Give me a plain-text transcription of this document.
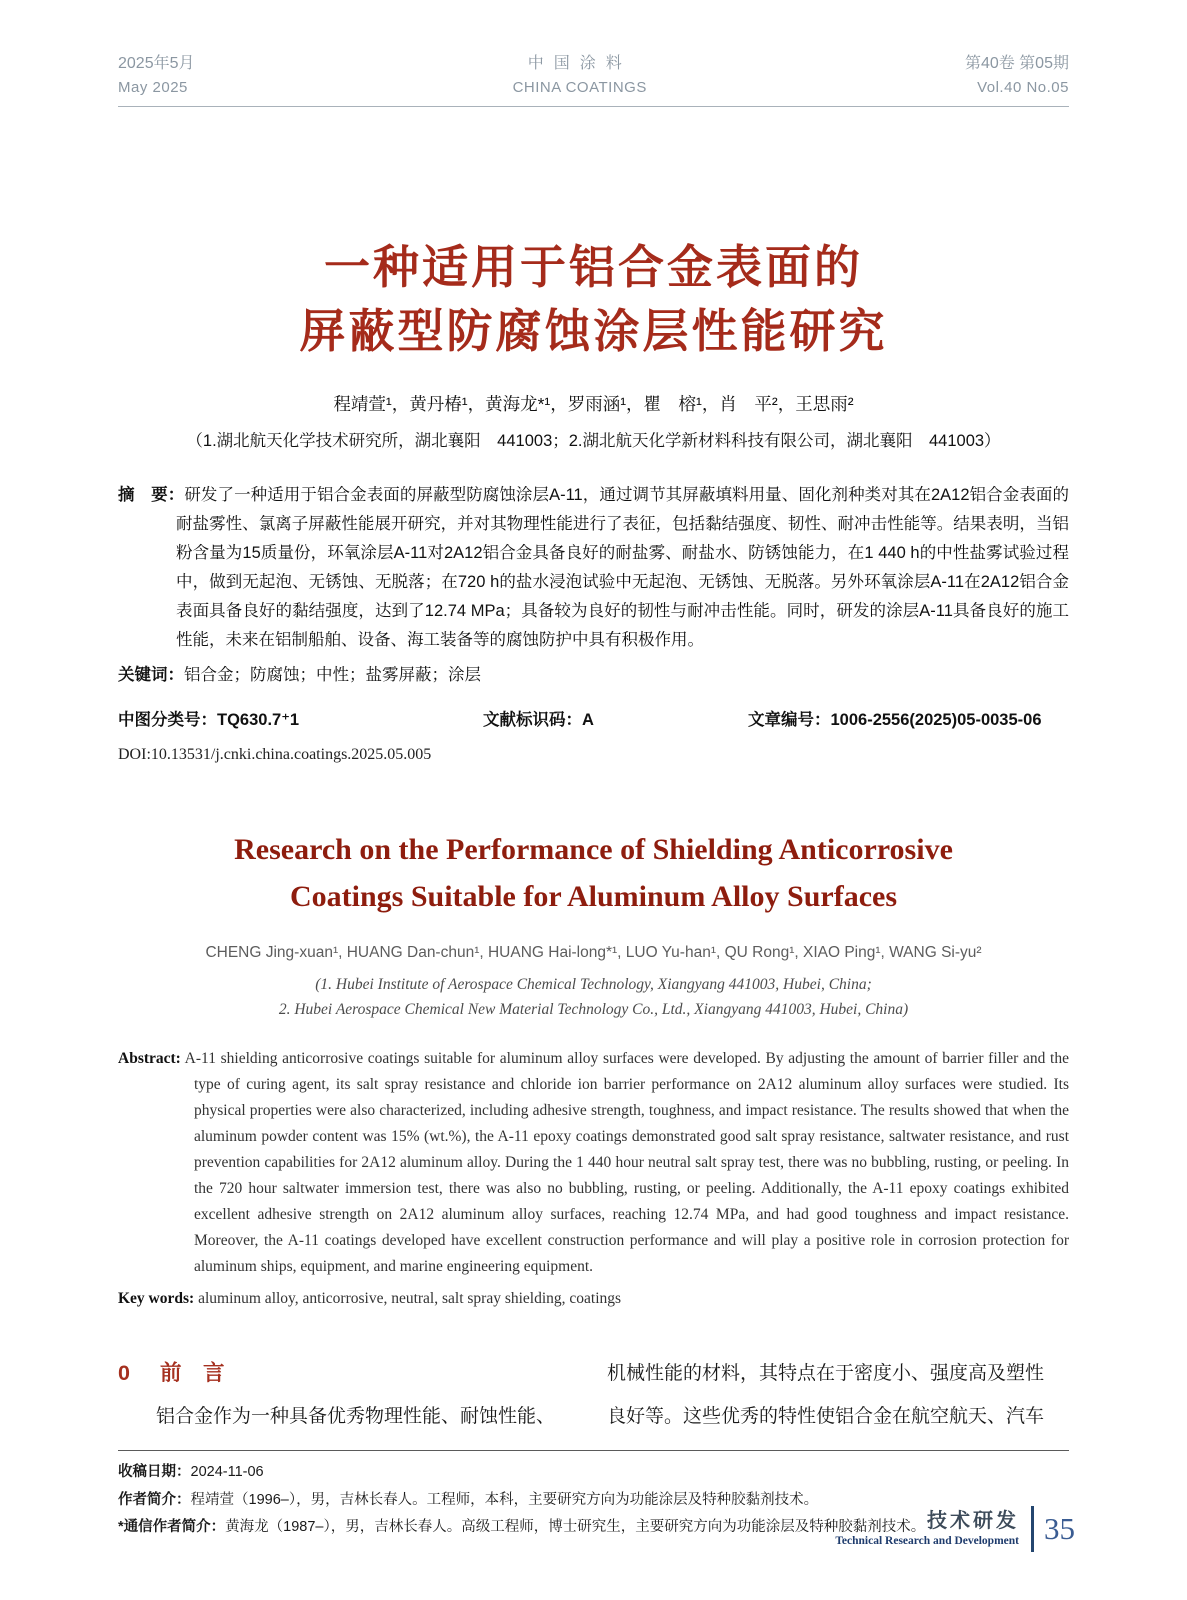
2025年5月
May 2025
中国涂料
CHINA COATINGS
第40卷 第05期
Vol.40 No.05
一种适用于铝合金表面的
屏蔽型防腐蚀涂层性能研究
程靖萱¹，黄丹椿¹，黄海龙*¹，罗雨涵¹，瞿　榕¹，肖　平²，王思雨²
（1.湖北航天化学技术研究所，湖北襄阳　441003；2.湖北航天化学新材料科技有限公司，湖北襄阳　441003）

摘　要：研发了一种适用于铝合金表面的屏蔽型防腐蚀涂层A-11，通过调节其屏蔽填料用量、固化剂种类对其在2A12铝合金表面的耐盐雾性、氯离子屏蔽性能展开研究，并对其物理性能进行了表征，包括黏结强度、韧性、耐冲击性能等。结果表明，当铝粉含量为15质量份，环氧涂层A-11对2A12铝合金具备良好的耐盐雾、耐盐水、防锈蚀能力，在1 440 h的中性盐雾试验过程中，做到无起泡、无锈蚀、无脱落；在720 h的盐水浸泡试验中无起泡、无锈蚀、无脱落。另外环氧涂层A-11在2A12铝合金表面具备良好的黏结强度，达到了12.74 MPa；具备较为良好的韧性与耐冲击性能。同时，研发的涂层A-11具备良好的施工性能，未来在铝制船舶、设备、海工装备等的腐蚀防护中具有积极作用。

关键词：铝合金；防腐蚀；中性；盐雾屏蔽；涂层

中图分类号：TQ630.7⁺1	文献标识码：A	文章编号：1006-2556(2025)05-0035-06
DOI:10.13531/j.cnki.china.coatings.2025.05.005
Research on the Performance of Shielding Anticorrosive
Coatings Suitable for Aluminum Alloy Surfaces
CHENG Jing-xuan¹, HUANG Dan-chun¹, HUANG Hai-long*¹, LUO Yu-han¹, QU Rong¹, XIAO Ping¹, WANG Si-yu²
(1. Hubei Institute of Aerospace Chemical Technology, Xiangyang 441003, Hubei, China;
2. Hubei Aerospace Chemical New Material Technology Co., Ltd., Xiangyang 441003, Hubei, China)

Abstract: A-11 shielding anticorrosive coatings suitable for aluminum alloy surfaces were developed. By adjusting the amount of barrier filler and the type of curing agent, its salt spray resistance and chloride ion barrier performance on 2A12 aluminum alloy surfaces were studied. Its physical properties were also characterized, including adhesive strength, toughness, and impact resistance. The results showed that when the aluminum powder content was 15% (wt.%), the A-11 epoxy coatings demonstrated good salt spray resistance, saltwater resistance, and rust prevention capabilities for 2A12 aluminum alloy. During the 1 440 hour neutral salt spray test, there was no bubbling, rusting, or peeling. In the 720 hour saltwater immersion test, there was also no bubbling, rusting, or peeling. Additionally, the A-11 epoxy coatings exhibited excellent adhesive strength on 2A12 aluminum alloy surfaces, reaching 12.74 MPa, and had good toughness and impact resistance. Moreover, the A-11 coatings developed have excellent construction performance and will play a positive role in corrosion protection for aluminum ships, equipment, and marine engineering equipment.

Key words: aluminum alloy, anticorrosive, neutral, salt spray shielding, coatings

0 前　言

铝合金作为一种具备优秀物理性能、耐蚀性能、

机械性能的材料，其特点在于密度小、强度高及塑性

良好等。这些优秀的特性使铝合金在航空航天、汽车

收稿日期：2024-11-06

作者简介：程靖萱（1996–），男，吉林长春人。工程师，本科，主要研究方向为功能涂层及特种胶黏剂技术。

*通信作者简介：黄海龙（1987–），男，吉林长春人。高级工程师，博士研究生，主要研究方向为功能涂层及特种胶黏剂技术。 技术研发
Technical Research and Development 35
